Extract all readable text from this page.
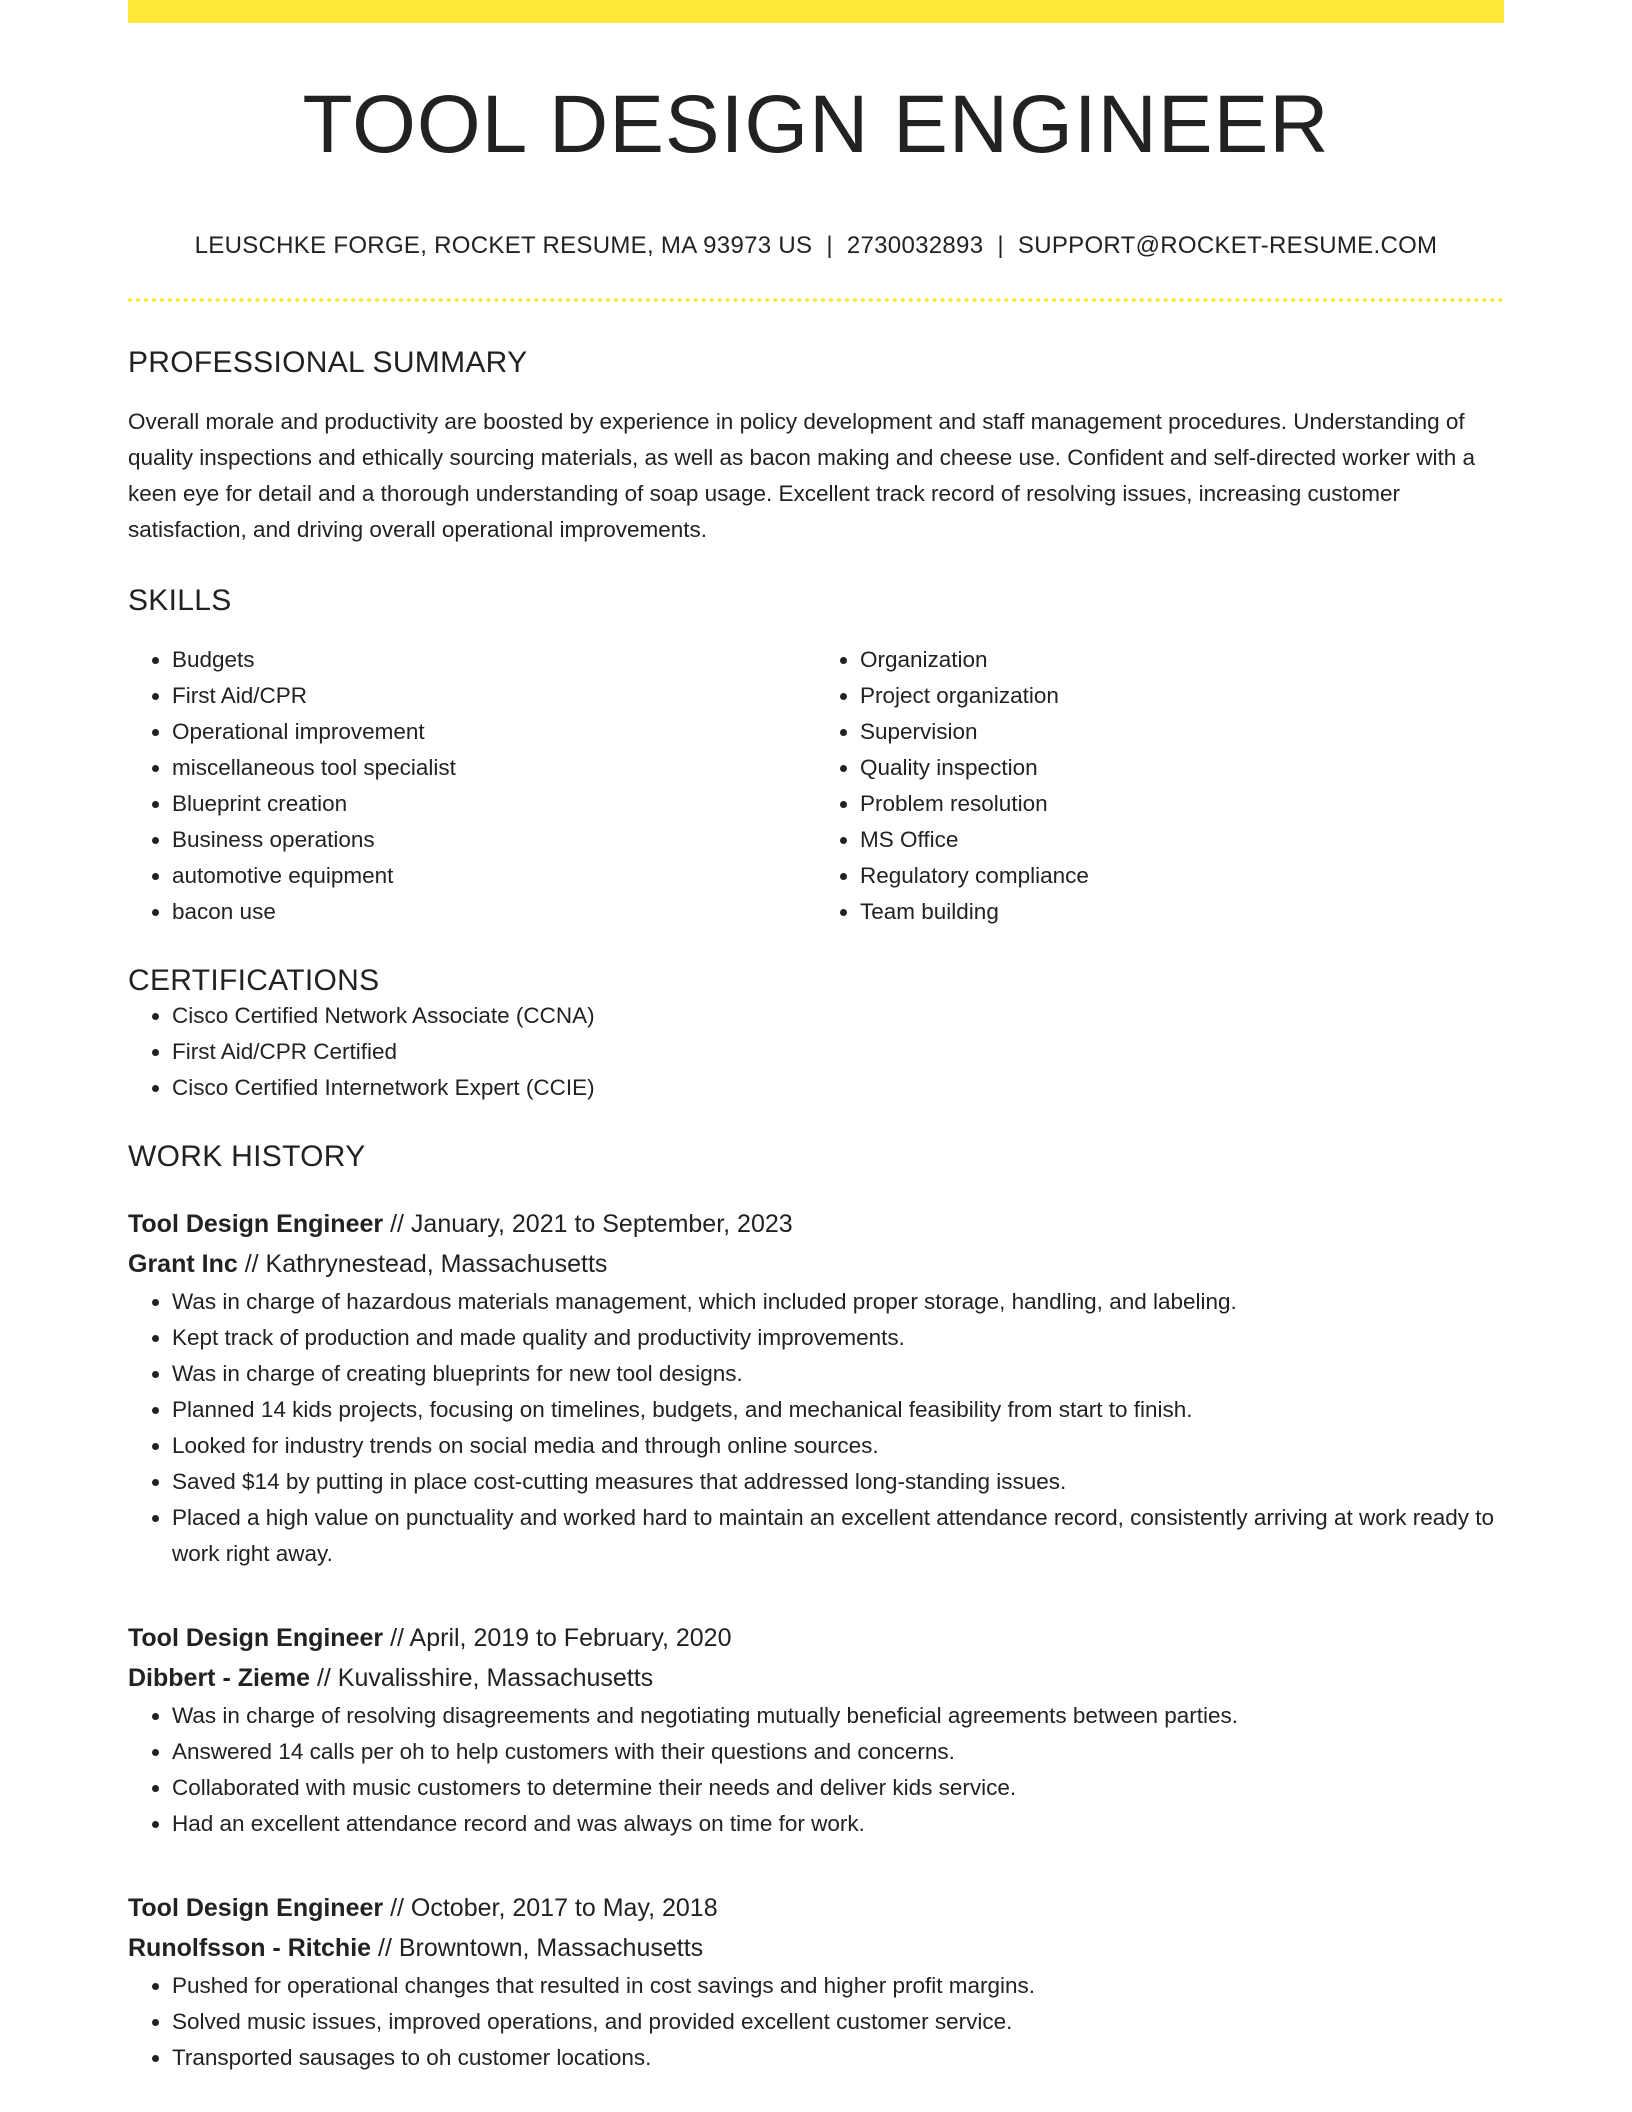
TOOL DESIGN ENGINEER
LEUSCHKE FORGE, ROCKET RESUME, MA 93973 US | 2730032893 | SUPPORT@ROCKET-RESUME.COM
PROFESSIONAL SUMMARY

Overall morale and productivity are boosted by experience in policy development and staff management procedures. Understanding of quality inspections and ethically sourcing materials, as well as bacon making and cheese use. Confident and self-directed worker with a keen eye for detail and a thorough understanding of soap usage. Excellent track record of resolving issues, increasing customer satisfaction, and driving overall operational improvements.

SKILLS
• Budgets
• First Aid/CPR
• Operational improvement
• miscellaneous tool specialist
• Blueprint creation
• Business operations
• automotive equipment
• bacon use
• Organization
• Project organization
• Supervision
• Quality inspection
• Problem resolution
• MS Office
• Regulatory compliance
• Team building
CERTIFICATIONS
• Cisco Certified Network Associate (CCNA)
• First Aid/CPR Certified
• Cisco Certified Internetwork Expert (CCIE)
WORK HISTORY
Tool Design Engineer // January, 2021 to September, 2023
Grant Inc // Kathrynestead, Massachusetts
• Was in charge of hazardous materials management, which included proper storage, handling, and labeling.
• Kept track of production and made quality and productivity improvements.
• Was in charge of creating blueprints for new tool designs.
• Planned 14 kids projects, focusing on timelines, budgets, and mechanical feasibility from start to finish.
• Looked for industry trends on social media and through online sources.
• Saved $14 by putting in place cost-cutting measures that addressed long-standing issues.
• Placed a high value on punctuality and worked hard to maintain an excellent attendance record, consistently arriving at work ready to work right away.
Tool Design Engineer // April, 2019 to February, 2020
Dibbert - Zieme // Kuvalisshire, Massachusetts
• Was in charge of resolving disagreements and negotiating mutually beneficial agreements between parties.
• Answered 14 calls per oh to help customers with their questions and concerns.
• Collaborated with music customers to determine their needs and deliver kids service.
• Had an excellent attendance record and was always on time for work.
Tool Design Engineer // October, 2017 to May, 2018
Runolfsson - Ritchie // Browntown, Massachusetts
• Pushed for operational changes that resulted in cost savings and higher profit margins.
• Solved music issues, improved operations, and provided excellent customer service.
• Transported sausages to oh customer locations.
